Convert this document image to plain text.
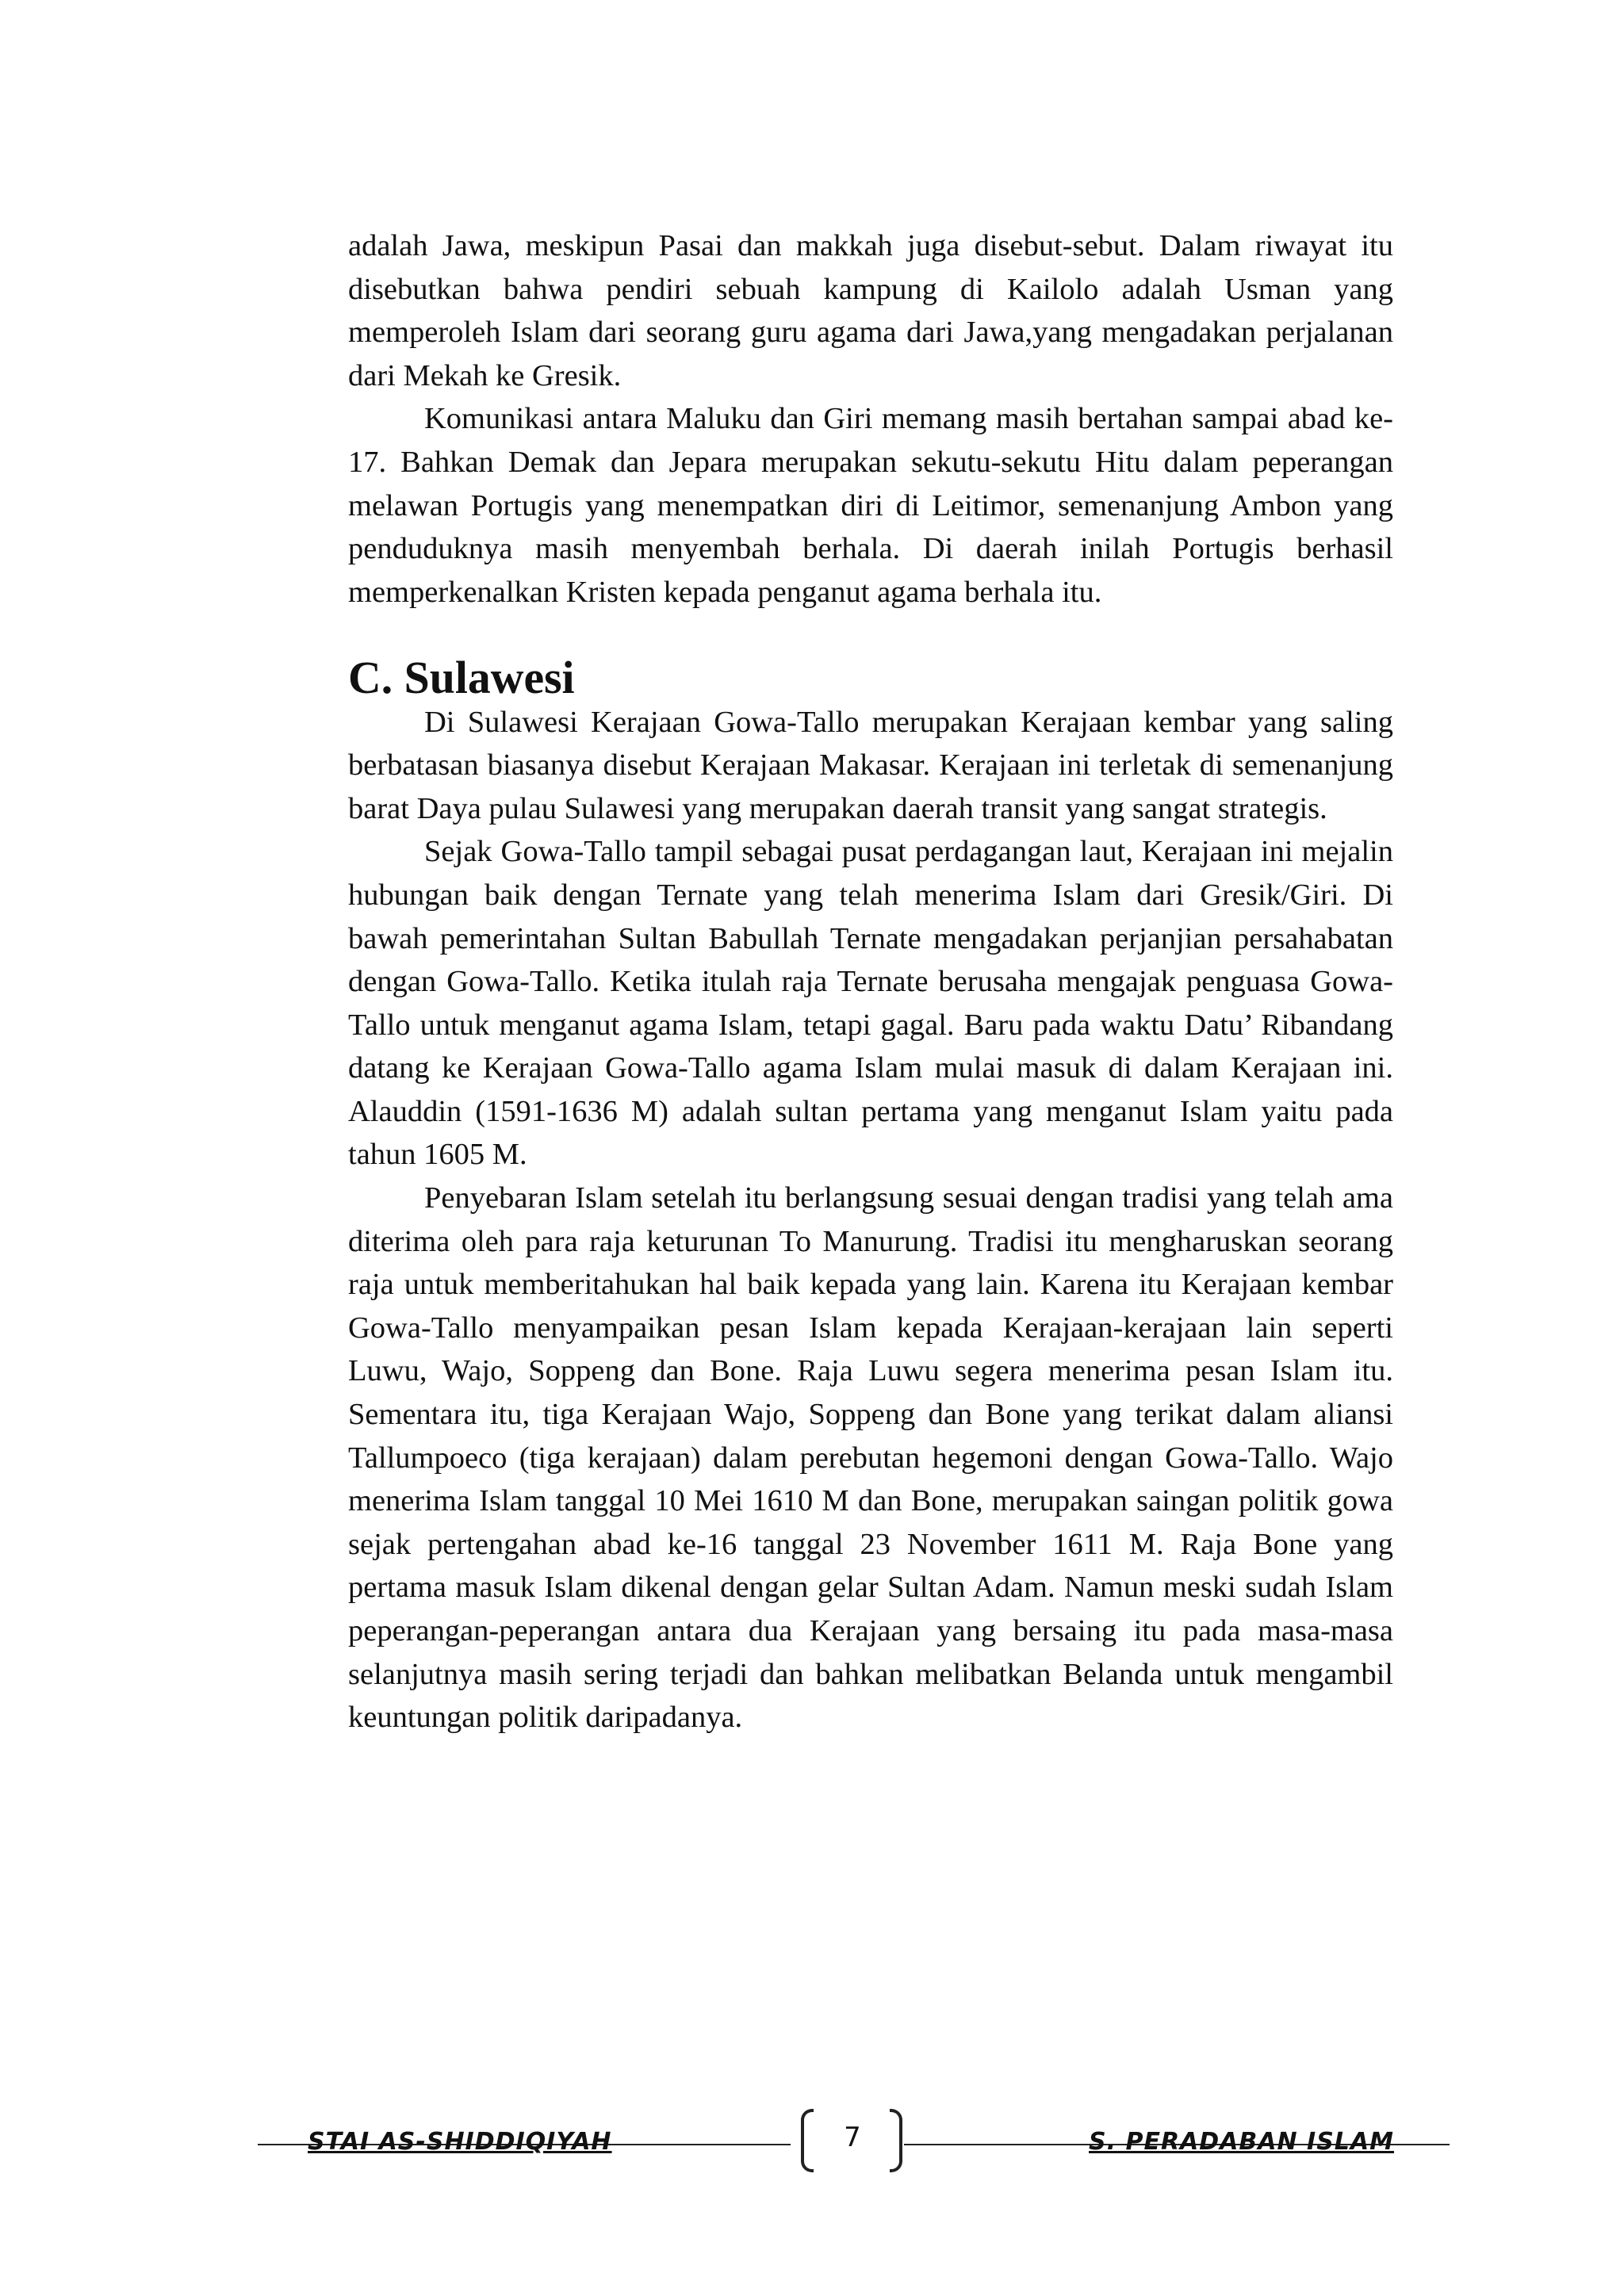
adalah Jawa, meskipun Pasai dan makkah juga disebut-sebut. Dalam riwayat itu disebutkan bahwa pendiri sebuah kampung di Kailolo adalah Usman yang memperoleh Islam dari seorang guru agama dari Jawa,yang mengadakan perjalanan dari Mekah ke Gresik.

Komunikasi antara Maluku dan Giri memang masih bertahan sampai abad ke-17. Bahkan Demak dan Jepara merupakan sekutu-sekutu Hitu dalam peperangan melawan Portugis yang menempatkan diri di Leitimor, semenanjung Ambon yang penduduknya masih menyembah berhala. Di daerah inilah Portugis berhasil memperkenalkan Kristen kepada penganut agama berhala itu.

C. Sulawesi

Di Sulawesi Kerajaan Gowa-Tallo merupakan Kerajaan kembar yang saling berbatasan biasanya disebut Kerajaan Makasar. Kerajaan ini terletak di semenanjung barat Daya pulau Sulawesi yang merupakan daerah transit yang sangat strategis.

Sejak Gowa-Tallo tampil sebagai pusat perdagangan laut, Kerajaan ini mejalin hubungan baik dengan Ternate yang telah menerima Islam dari Gresik/Giri. Di bawah pemerintahan Sultan Babullah Ternate mengadakan perjanjian persahabatan dengan Gowa-Tallo. Ketika itulah raja Ternate berusaha mengajak penguasa Gowa-Tallo untuk menganut agama Islam, tetapi gagal. Baru pada waktu Datu’ Ribandang datang ke Kerajaan Gowa-Tallo agama Islam mulai masuk di dalam Kerajaan ini. Alauddin (1591-1636 M) adalah sultan pertama yang menganut Islam yaitu pada tahun 1605 M.

Penyebaran Islam setelah itu berlangsung sesuai dengan tradisi yang telah ama diterima oleh para raja keturunan To Manurung. Tradisi itu mengharuskan seorang raja untuk memberitahukan hal baik kepada yang lain. Karena itu Kerajaan kembar Gowa-Tallo menyampaikan pesan Islam kepada Kerajaan-kerajaan lain seperti Luwu, Wajo, Soppeng dan Bone. Raja Luwu segera menerima pesan Islam itu. Sementara itu, tiga Kerajaan Wajo, Soppeng dan Bone yang terikat dalam aliansi Tallumpoeco (tiga kerajaan) dalam perebutan hegemoni dengan Gowa-Tallo. Wajo menerima Islam tanggal 10 Mei 1610 M dan Bone, merupakan saingan politik gowa sejak pertengahan abad ke-16 tanggal 23 November 1611 M. Raja Bone yang pertama masuk Islam dikenal dengan gelar Sultan Adam. Namun meski sudah Islam peperangan-peperangan antara dua Kerajaan yang bersaing itu pada masa-masa selanjutnya masih sering terjadi dan bahkan melibatkan Belanda untuk mengambil keuntungan politik daripadanya.

STAI AS-SHIDDIQIYAH	7	S. PERADABAN ISLAM
